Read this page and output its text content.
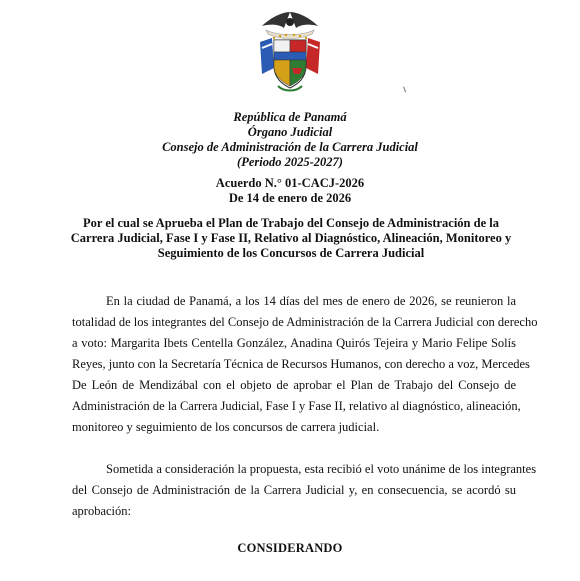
República de Panamá
Órgano Judicial
Consejo de Administración de la Carrera Judicial
(Periodo 2025-2027)
Acuerdo N.° 01-CACJ-2026
De 14 de enero de 2026
Por el cual se Aprueba el Plan de Trabajo del Consejo de Administración de la
Carrera Judicial, Fase I y Fase II, Relativo al Diagnóstico, Alineación, Monitoreo y
Seguimiento de los Concursos de Carrera Judicial
En la ciudad de Panamá, a los 14 días del mes de enero de 2026, se reunieron la
totalidad de los integrantes del Consejo de Administración de la Carrera Judicial con derecho
a voto: Margarita Ibets Centella González, Anadina Quirós Tejeira y Mario Felipe Solís
Reyes, junto con la Secretaría Técnica de Recursos Humanos, con derecho a voz, Mercedes
De León de Mendizábal con el objeto de aprobar el Plan de Trabajo del Consejo de
Administración de la Carrera Judicial, Fase I y Fase II, relativo al diagnóstico, alineación,
monitoreo y seguimiento de los concursos de carrera judicial.
Sometida a consideración la propuesta, esta recibió el voto unánime de los integrantes
del Consejo de Administración de la Carrera Judicial y, en consecuencia, se acordó su
aprobación:
CONSIDERANDO
